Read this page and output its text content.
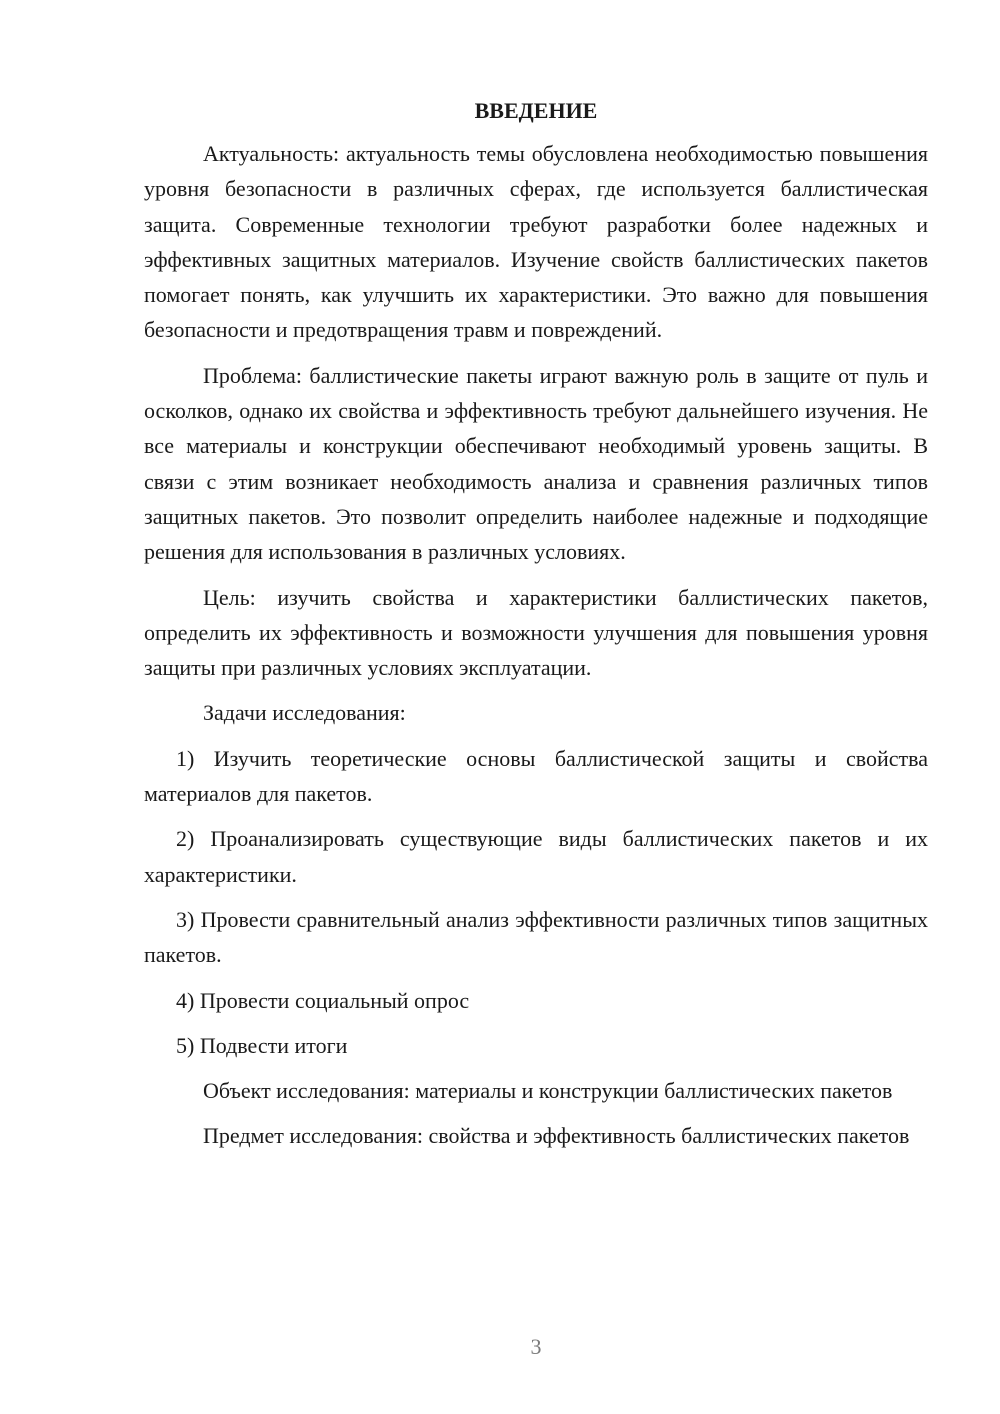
ВВЕДЕНИЕ

Актуальность: актуальность темы обусловлена необходимостью повышения уровня безопасности в различных сферах, где используется баллистическая защита. Современные технологии требуют разработки более надежных и эффективных защитных материалов. Изучение свойств баллистических пакетов помогает понять, как улучшить их характеристики. Это важно для повышения безопасности и предотвращения травм и повреждений.

Проблема: баллистические пакеты играют важную роль в защите от пуль и осколков, однако их свойства и эффективность требуют дальнейшего изучения. Не все материалы и конструкции обеспечивают необходимый уровень защиты. В связи с этим возникает необходимость анализа и сравнения различных типов защитных пакетов. Это позволит определить наиболее надежные и подходящие решения для использования в различных условиях.

Цель: изучить свойства и характеристики баллистических пакетов, определить их эффективность и возможности улучшения для повышения уровня защиты при различных условиях эксплуатации.

Задачи исследования:

1) Изучить теоретические основы баллистической защиты и свойства материалов для пакетов.

2) Проанализировать существующие виды баллистических пакетов и их характеристики.

3) Провести сравнительный анализ эффективности различных типов защитных пакетов.

4) Провести социальный опрос

5) Подвести итоги

Объект исследования: материалы и конструкции баллистических пакетов

Предмет исследования: свойства и эффективность баллистических пакетов

3
